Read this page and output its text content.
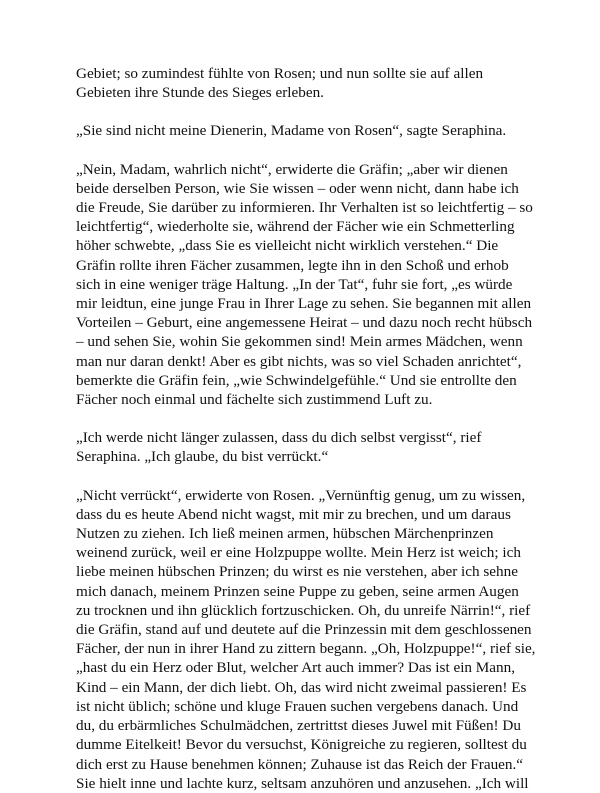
Gebiet; so zumindest fühlte von Rosen; und nun sollte sie auf allen Gebieten ihre Stunde des Sieges erleben.

„Sie sind nicht meine Dienerin, Madame von Rosen“, sagte Seraphina.

„Nein, Madam, wahrlich nicht“, erwiderte die Gräfin; „aber wir dienen beide derselben Person, wie Sie wissen – oder wenn nicht, dann habe ich die Freude, Sie darüber zu informieren. Ihr Verhalten ist so leichtfertig – so leichtfertig“, wiederholte sie, während der Fächer wie ein Schmetterling höher schwebte, „dass Sie es vielleicht nicht wirklich verstehen.“ Die Gräfin rollte ihren Fächer zusammen, legte ihn in den Schoß und erhob sich in eine weniger träge Haltung. „In der Tat“, fuhr sie fort, „es würde mir leidtun, eine junge Frau in Ihrer Lage zu sehen. Sie begannen mit allen Vorteilen – Geburt, eine angemessene Heirat – und dazu noch recht hübsch – und sehen Sie, wohin Sie gekommen sind! Mein armes Mädchen, wenn man nur daran denkt! Aber es gibt nichts, was so viel Schaden anrichtet“, bemerkte die Gräfin fein, „wie Schwindelgefühle.“ Und sie entrollte den Fächer noch einmal und fächelte sich zustimmend Luft zu.

„Ich werde nicht länger zulassen, dass du dich selbst vergisst“, rief Seraphina. „Ich glaube, du bist verrückt.“

„Nicht verrückt“, erwiderte von Rosen. „Vernünftig genug, um zu wissen, dass du es heute Abend nicht wagst, mit mir zu brechen, und um daraus Nutzen zu ziehen. Ich ließ meinen armen, hübschen Märchenprinzen weinend zurück, weil er eine Holzpuppe wollte. Mein Herz ist weich; ich liebe meinen hübschen Prinzen; du wirst es nie verstehen, aber ich sehne mich danach, meinem Prinzen seine Puppe zu geben, seine armen Augen zu trocknen und ihn glücklich fortzuschicken. Oh, du unreife Närrin!“, rief die Gräfin, stand auf und deutete auf die Prinzessin mit dem geschlossenen Fächer, der nun in ihrer Hand zu zittern begann. „Oh, Holzpuppe!“, rief sie, „hast du ein Herz oder Blut, welcher Art auch immer? Das ist ein Mann, Kind – ein Mann, der dich liebt. Oh, das wird nicht zweimal passieren! Es ist nicht üblich; schöne und kluge Frauen suchen vergebens danach. Und du, du erbärmliches Schulmädchen, zertrittst dieses Juwel mit Füßen! Du dumme Eitelkeit! Bevor du versuchst, Königreiche zu regieren, solltest du dich erst zu Hause benehmen können; Zuhause ist das Reich der Frauen.“ Sie hielt inne und lachte kurz, seltsam anzuhören und anzusehen. „Ich will
